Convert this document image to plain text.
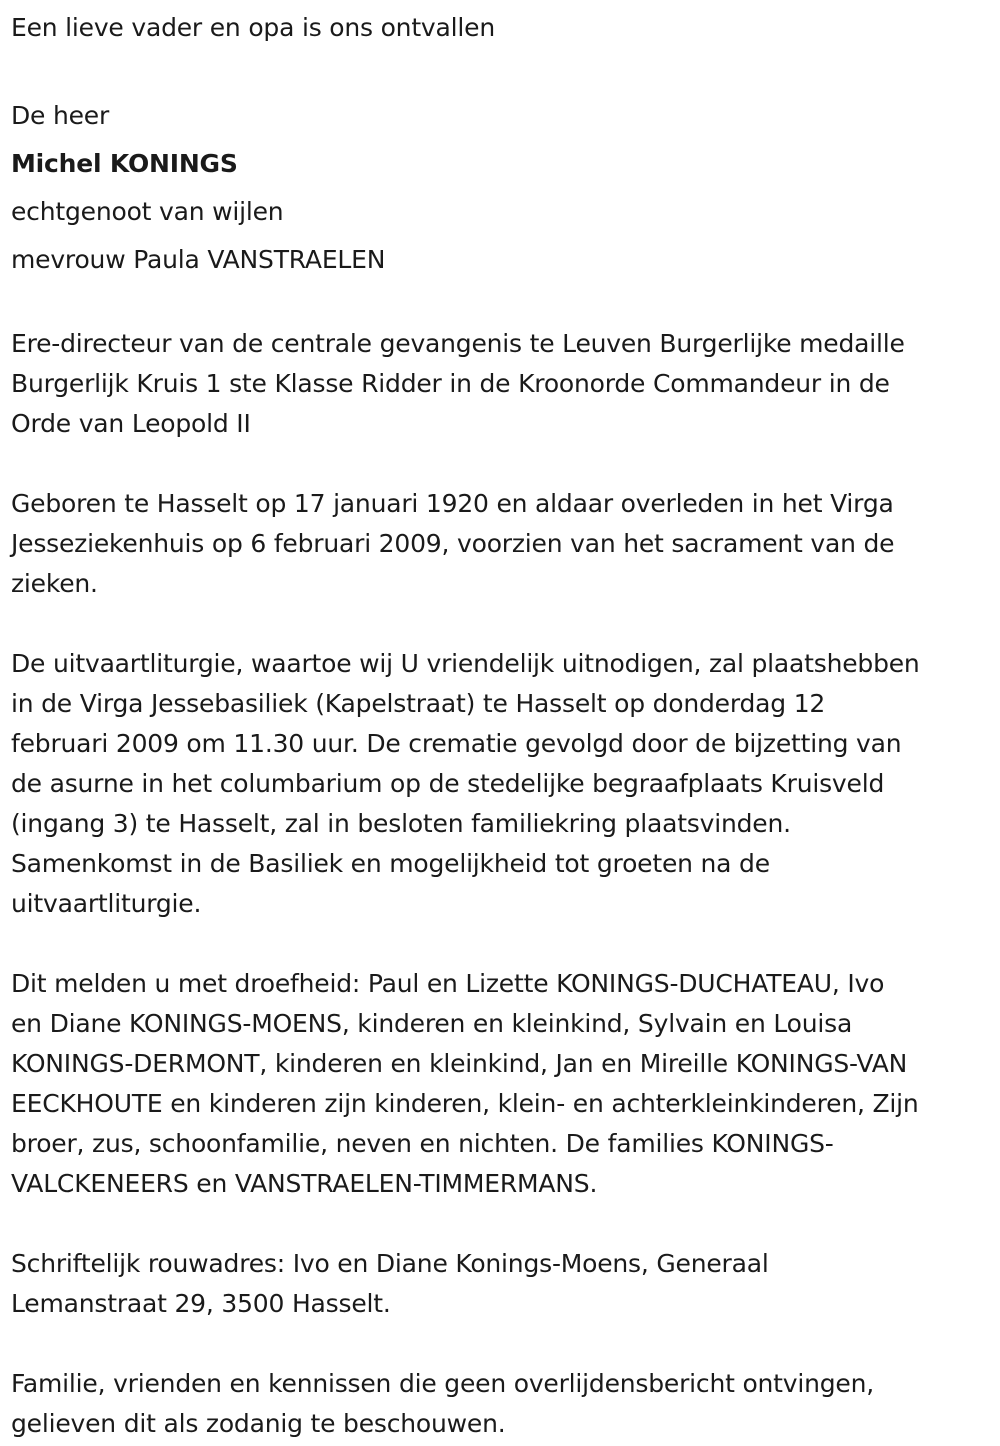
Een lieve vader en opa is ons ontvallen

De heer

Michel KONINGS

echtgenoot van wijlen

mevrouw Paula VANSTRAELEN

Ere-directeur van de centrale gevangenis te Leuven Burgerlijke medaille
Burgerlijk Kruis 1 ste Klasse Ridder in de Kroonorde Commandeur in de
Orde van Leopold II
Geboren te Hasselt op 17 januari 1920 en aldaar overleden in het Virga
Jesseziekenhuis op 6 februari 2009, voorzien van het sacrament van de
zieken.
De uitvaartliturgie, waartoe wij U vriendelijk uitnodigen, zal plaatshebben
in de Virga Jessebasiliek (Kapelstraat) te Hasselt op donderdag 12
februari 2009 om 11.30 uur. De crematie gevolgd door de bijzetting van
de asurne in het columbarium op de stedelijke begraafplaats Kruisveld
(ingang 3) te Hasselt, zal in besloten familiekring plaatsvinden.
Samenkomst in de Basiliek en mogelijkheid tot groeten na de
uitvaartliturgie.
Dit melden u met droefheid: Paul en Lizette KONINGS-DUCHATEAU, Ivo
en Diane KONINGS-MOENS, kinderen en kleinkind, Sylvain en Louisa
KONINGS-DERMONT, kinderen en kleinkind, Jan en Mireille KONINGS-VAN
EECKHOUTE en kinderen zijn kinderen, klein- en achterkleinkinderen, Zijn
broer, zus, schoonfamilie, neven en nichten. De families KONINGS-
VALCKENEERS en VANSTRAELEN-TIMMERMANS.
Schriftelijk rouwadres: Ivo en Diane Konings-Moens, Generaal
Lemanstraat 29, 3500 Hasselt.
Familie, vrienden en kennissen die geen overlijdensbericht ontvingen,
gelieven dit als zodanig te beschouwen.
